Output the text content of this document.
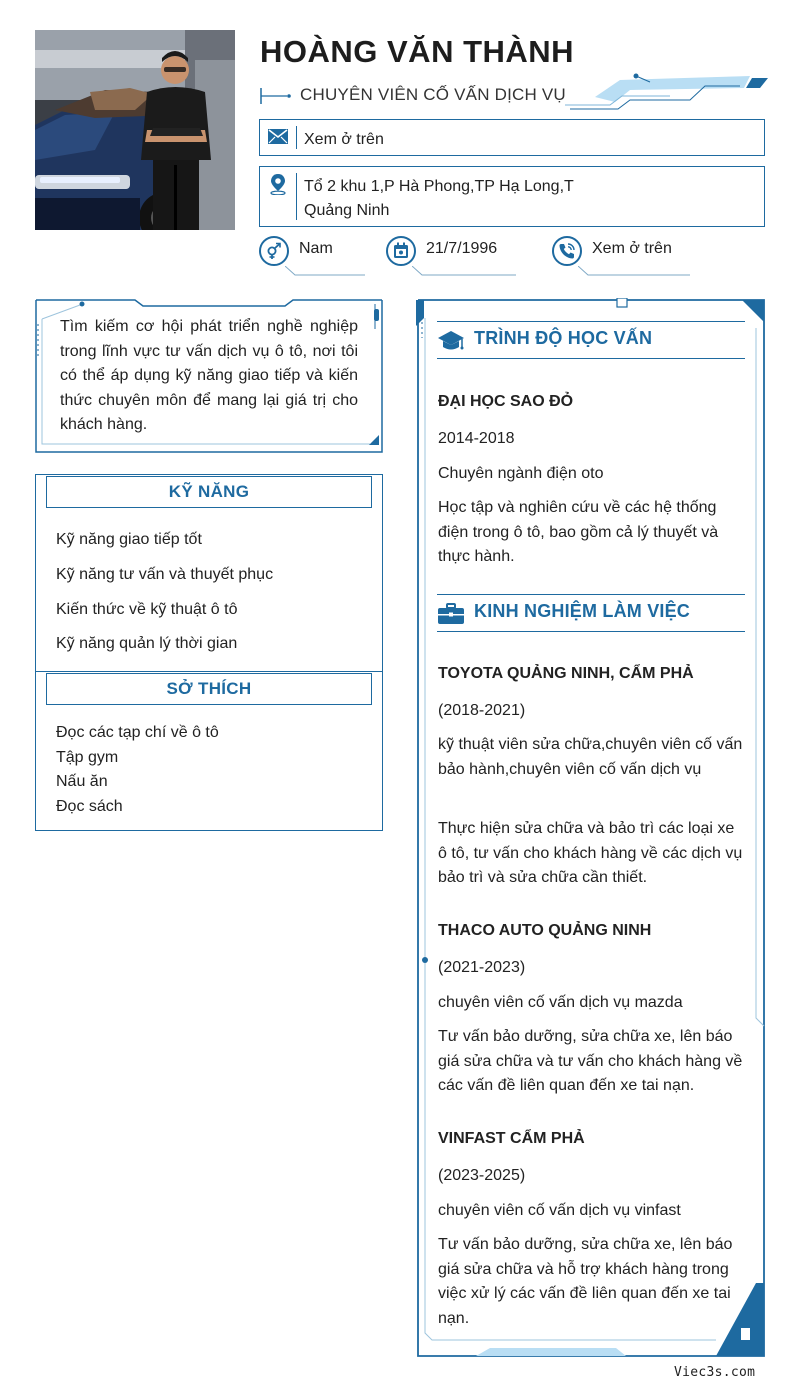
HOÀNG VĂN THÀNH
CHUYÊN VIÊN CỐ VẤN DỊCH VỤ
Xem ở trên
Tổ 2 khu 1,P Hà Phong,TP Hạ Long,T Quảng Ninh
Nam	21/7/1996	Xem ở trên
Tìm kiếm cơ hội phát triển nghề nghiệp trong lĩnh vực tư vấn dịch vụ ô tô, nơi tôi có thể áp dụng kỹ năng giao tiếp và kiến thức chuyên môn để mang lại giá trị cho khách hàng.
KỸ NĂNG
Kỹ năng giao tiếp tốt
Kỹ năng tư vấn và thuyết phục
Kiến thức về kỹ thuật ô tô
Kỹ năng quản lý thời gian
SỞ THÍCH
Đọc các tạp chí về ô tô
Tập gym
Nấu ăn
Đọc sách
TRÌNH ĐỘ HỌC VẤN
ĐẠI HỌC SAO ĐỎ
2014-2018
Chuyên ngành điện oto
Học tập và nghiên cứu về các hệ thống điện trong ô tô, bao gồm cả lý thuyết và thực hành.
KINH NGHIỆM LÀM VIỆC
TOYOTA QUẢNG NINH, CẨM PHẢ
(2018-2021)
kỹ thuật viên sửa chữa,chuyên viên cố vấn bảo hành,chuyên viên cố vấn dịch vụ
Thực hiện sửa chữa và bảo trì các loại xe ô tô, tư vấn cho khách hàng về các dịch vụ bảo trì và sửa chữa cần thiết.
THACO AUTO QUẢNG NINH
(2021-2023)
chuyên viên cố vấn dịch vụ mazda
Tư vấn bảo dưỡng, sửa chữa xe, lên báo giá sửa chữa và tư vấn cho khách hàng về các vấn đề liên quan đến xe tai nạn.
VINFAST CẨM PHẢ
(2023-2025)
chuyên viên cố vấn dịch vụ vinfast
Tư vấn bảo dưỡng, sửa chữa xe, lên báo giá sửa chữa và hỗ trợ khách hàng trong việc xử lý các vấn đề liên quan đến xe tai nạn.
Viec3s.com
